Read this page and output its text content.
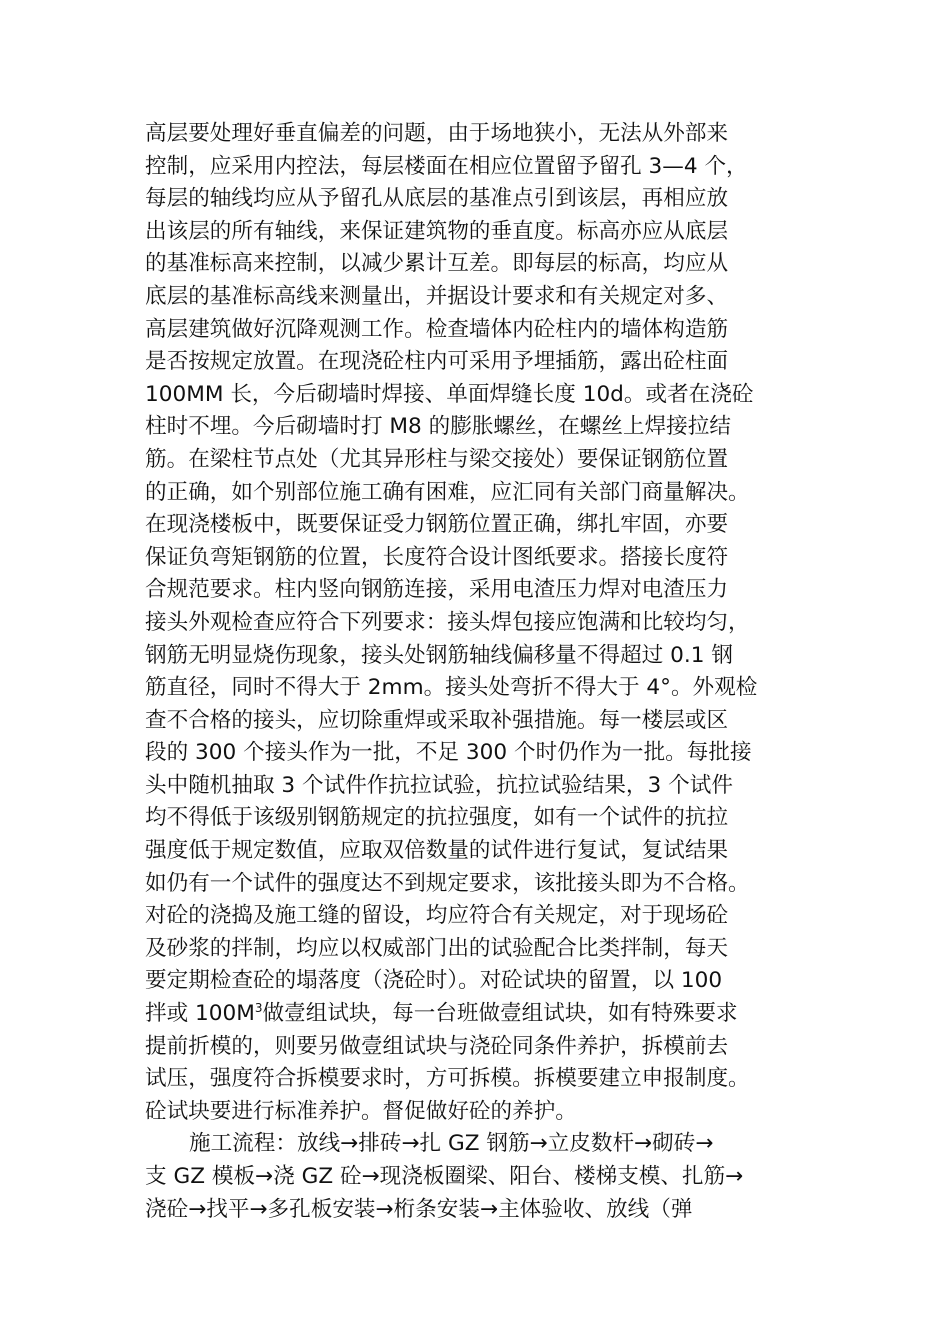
高层要处理好垂直偏差的问题，由于场地狭小，无法从外部来
控制，应采用内控法，每层楼面在相应位置留予留孔 3—4 个，
每层的轴线均应从予留孔从底层的基准点引到该层，再相应放
出该层的所有轴线，来保证建筑物的垂直度。标高亦应从底层
的基准标高来控制，以减少累计互差。即每层的标高，均应从
底层的基准标高线来测量出，并据设计要求和有关规定对多、
高层建筑做好沉降观测工作。检查墙体内砼柱内的墙体构造筋
是否按规定放置。在现浇砼柱内可采用予埋插筋，露出砼柱面
100MM 长，今后砌墙时焊接、单面焊缝长度 10d。或者在浇砼
柱时不埋。今后砌墙时打 M8 的膨胀螺丝，在螺丝上焊接拉结
筋。在梁柱节点处（尤其异形柱与梁交接处）要保证钢筋位置
的正确，如个别部位施工确有困难，应汇同有关部门商量解决。
在现浇楼板中，既要保证受力钢筋位置正确，绑扎牢固，亦要
保证负弯矩钢筋的位置，长度符合设计图纸要求。搭接长度符
合规范要求。柱内竖向钢筋连接，采用电渣压力焊对电渣压力
接头外观检查应符合下列要求：接头焊包接应饱满和比较均匀，
钢筋无明显烧伤现象，接头处钢筋轴线偏移量不得超过 0.1 钢
筋直径，同时不得大于 2mm。接头处弯折不得大于 4°。外观检
查不合格的接头，应切除重焊或采取补强措施。每一楼层或区
段的 300 个接头作为一批，不足 300 个时仍作为一批。每批接
头中随机抽取 3 个试件作抗拉试验，抗拉试验结果，3 个试件
均不得低于该级别钢筋规定的抗拉强度，如有一个试件的抗拉
强度低于规定数值，应取双倍数量的试件进行复试，复试结果
如仍有一个试件的强度达不到规定要求，该批接头即为不合格。
对砼的浇捣及施工缝的留设，均应符合有关规定，对于现场砼
及砂浆的拌制，均应以权威部门出的试验配合比类拌制，每天
要定期检查砼的塌落度（浇砼时）。对砼试块的留置，以 100
拌或 $100M^3$做壹组试块，每一台班做壹组试块，如有特殊要求
提前折模的，则要另做壹组试块与浇砼同条件养护，拆模前去
试压，强度符合拆模要求时，方可拆模。拆模要建立申报制度。
砼试块要进行标准养护。督促做好砼的养护。
施工流程：放线→排砖→扎 GZ 钢筋→立皮数杆→砌砖→
支 GZ 模板→浇 GZ 砼→现浇板圈梁、阳台、楼梯支模、扎筋→
浇砼→找平→多孔板安装→桁条安装→主体验收、放线（弹
